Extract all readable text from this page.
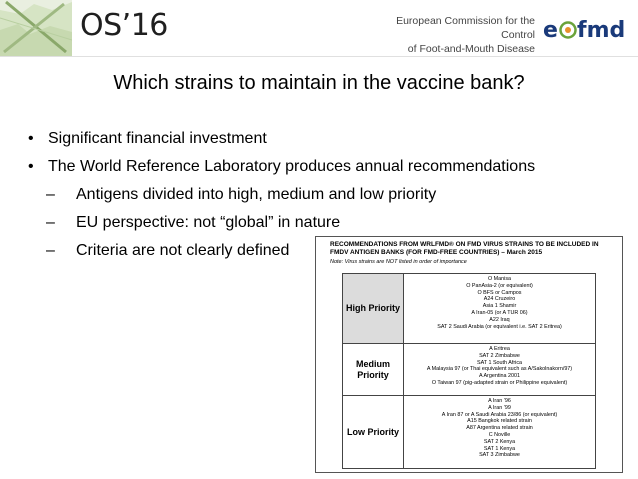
OS’16	European Commission for the Control
of Foot-and-Mouth Disease
e fmd
Which strains to maintain in the vaccine bank?
• Significant financial investment
• The World Reference Laboratory produces annual recommendations
– Antigens divided into high, medium and low priority
– EU perspective: not “global” in nature
– Criteria are not clearly defined	RECOMMENDATIONS FROM WRLFMD® ON FMD VIRUS STRAINS TO BE INCLUDED IN FMDV ANTIGEN BANKS (FOR FMD-FREE COUNTRIES) – March 2015
Note: Virus strains are NOT listed in order of importance
High Priority
O Manisa
O PanAsia-2 (or equivalent)
O BFS or Campos
A24 Cruzeiro
Asia 1 Shamir
A Iran-05 (or A TUR 06)
A22 Iraq
SAT 2 Saudi Arabia (or equivalent i.e. SAT 2 Eritrea)
Medium Priority
A Eritrea
SAT 2 Zimbabwe
SAT 1 South Africa
A Malaysia 97 (or Thai equivalent such as A/Sakolnakorn/97)
A Argentina 2001
O Taiwan 97 (pig-adapted strain or Philippine equivalent)
Low Priority
A Iran ’96
A Iran ’99
A Iran 87 or A Saudi Arabia 23/86 (or equivalent)
A15 Bangkok related strain
A87 Argentina related strain
C Noville
SAT 2 Kenya
SAT 1 Kenya
SAT 3 Zimbabwe
